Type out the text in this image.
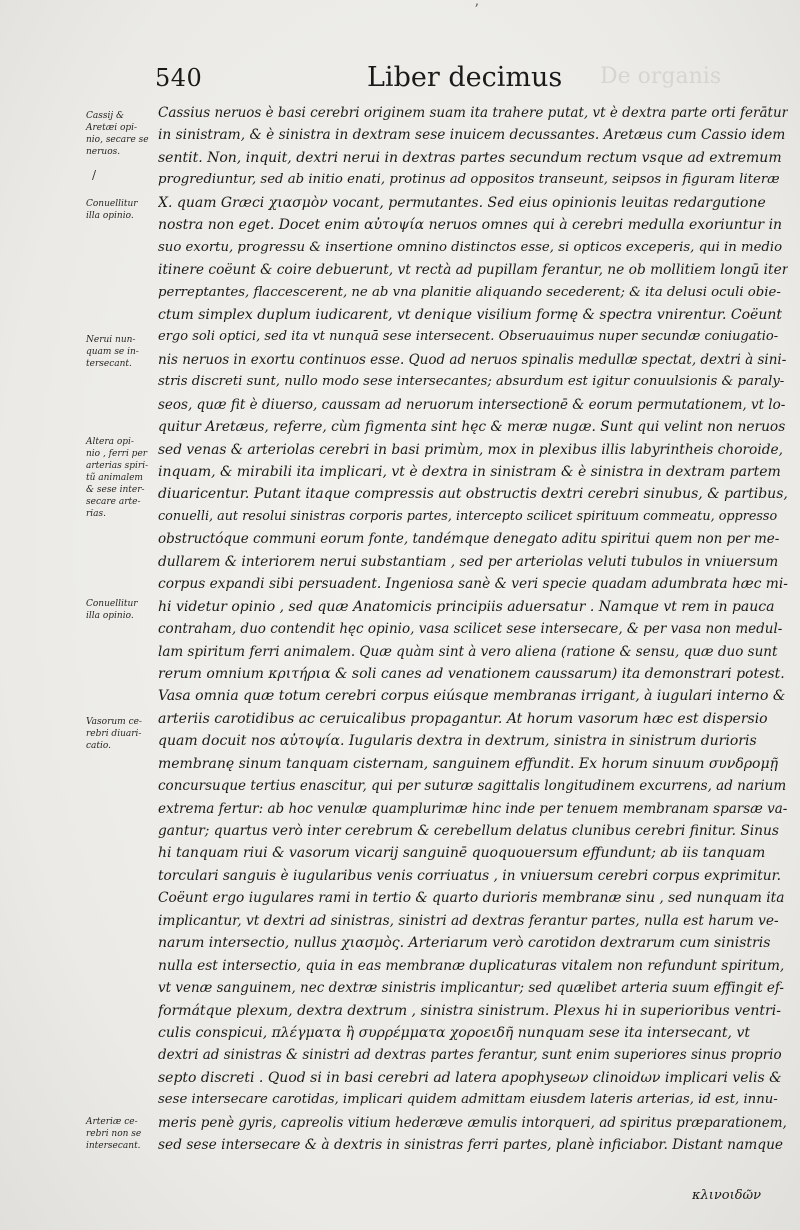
ʼ
De organis
540	Liber decimus
Cassij &
Aretæi opi-
nio, secare se
neruos.
/
Conuellitur
illa opinio.
Nerui nun-
quam se in-
tersecant.
Altera opi-
nio , ferri per
arterias spiri-
tũ animalem
& sese inter-
secare arte-
rias.
Conuellitur
illa opinio.
Vasorum ce-
rebri diuari-
catio.
Arteriæ ce-
rebri non se
intersecant.
Cassius neruos è basi cerebri originem suam ita trahere putat, vt è dextra parte orti ferātur
in sinistram, & è sinistra in dextram sese inuicem decussantes. Aretæus cum Cassio idem
sentit. Non, inquit, dextri nerui in dextras partes secundum rectum vsque ad extremum
progrediuntur, sed ab initio enati, protinus ad oppositos transeunt, seipsos in figuram literæ
X. quam Græci χιασμὸν vocant, permutantes. Sed eius opinionis leuitas redargutione
nostra non eget. Docet enim αὐτοψία neruos omnes qui à cerebri medulla exoriuntur in
suo exortu, progressu & insertione omnino distinctos esse, si opticos exceperis, qui in medio
itinere coëunt & coire debuerunt, vt rectà ad pupillam ferantur, ne ob mollitiem longū iter
perreptantes, flaccescerent, ne ab vna planitie aliquando secederent; & ita delusi oculi obie-
ctum simplex duplum iudicarent, vt denique visilium formę & spectra vnirentur. Coëunt
ergo soli optici, sed ita vt nunquā sese intersecent. Obseruauimus nuper secundæ coniugatio-
nis neruos in exortu continuos esse. Quod ad neruos spinalis medullæ spectat, dextri à sini-
stris discreti sunt, nullo modo sese intersecantes; absurdum est igitur conuulsionis & paraly-
seos, quæ fit è diuerso, caussam ad neruorum intersectionē & eorum permutationem, vt lo-
quitur Aretæus, referre, cùm figmenta sint hęc & meræ nugæ. Sunt qui velint non neruos
sed venas & arteriolas cerebri in basi primùm, mox in plexibus illis labyrintheis choroide,
inquam, & mirabili ita implicari, vt è dextra in sinistram & è sinistra in dextram partem
diuaricentur. Putant itaque compressis aut obstructis dextri cerebri sinubus, & partibus,
conuelli, aut resolui sinistras corporis partes, intercepto scilicet spirituum commeatu, oppresso
obstructóque communi eorum fonte, tandémque denegato aditu spiritui quem non per me-
dullarem & interiorem nerui substantiam , sed per arteriolas veluti tubulos in vniuersum
corpus expandi sibi persuadent. Ingeniosa sanè & veri specie quadam adumbrata hæc mi-
hi videtur opinio , sed quæ Anatomicis principiis aduersatur . Namque vt rem in pauca
contraham, duo contendit hęc opinio, vasa scilicet sese intersecare, & per vasa non medul-
lam spiritum ferri animalem. Quæ quàm sint à vero aliena (ratione & sensu, quæ duo sunt
rerum omnium κριτήρια & soli canes ad venationem caussarum) ita demonstrari potest.
Vasa omnia quæ totum cerebri corpus eiúsque membranas irrigant, à iugulari interno &
arteriis carotidibus ac ceruicalibus propagantur. At horum vasorum hæc est dispersio
quam docuit nos αὐτοψία. Iugularis dextra in dextrum, sinistra in sinistrum durioris
membranę sinum tanquam cisternam, sanguinem effundit. Ex horum sinuum συνδρομῇ
concursuque tertius enascitur, qui per suturæ sagittalis longitudinem excurrens, ad narium
extrema fertur: ab hoc venulæ quamplurimæ hinc inde per tenuem membranam sparsæ va-
gantur; quartus verò inter cerebrum & cerebellum delatus clunibus cerebri finitur. Sinus
hi tanquam riui & vasorum vicarij sanguinē quoquouersum effundunt; ab iis tanquam
torculari sanguis è iugularibus venis corriuatus , in vniuersum cerebri corpus exprimitur.
Coëunt ergo iugulares rami in tertio & quarto durioris membranæ sinu , sed nunquam ita
implicantur, vt dextri ad sinistras, sinistri ad dextras ferantur partes, nulla est harum ve-
narum intersectio, nullus χιασμὸς. Arteriarum verò carotidon dextrarum cum sinistris
nulla est intersectio, quia in eas membranæ duplicaturas vitalem non refundunt spiritum,
vt venæ sanguinem, nec dextræ sinistris implicantur; sed quælibet arteria suum effingit ef-
formátque plexum, dextra dextrum , sinistra sinistrum. Plexus hi in superioribus ventri-
culis conspicui, πλέγματα ἢ συρρέμματα χοροειδῆ nunquam sese ita intersecant, vt
dextri ad sinistras & sinistri ad dextras partes ferantur, sunt enim superiores sinus proprio
septo discreti . Quod si in basi cerebri ad latera apophyseων clinoidων implicari velis &
sese intersecare carotidas, implicari quidem admittam eiusdem lateris arterias, id est, innu-
meris penè gyris, capreolis vitium hederæve æmulis intorqueri, ad spiritus præparationem,
sed sese intersecare & à dextris in sinistras ferri partes, planè inficiabor. Distant namque
κλινοιδῶν
